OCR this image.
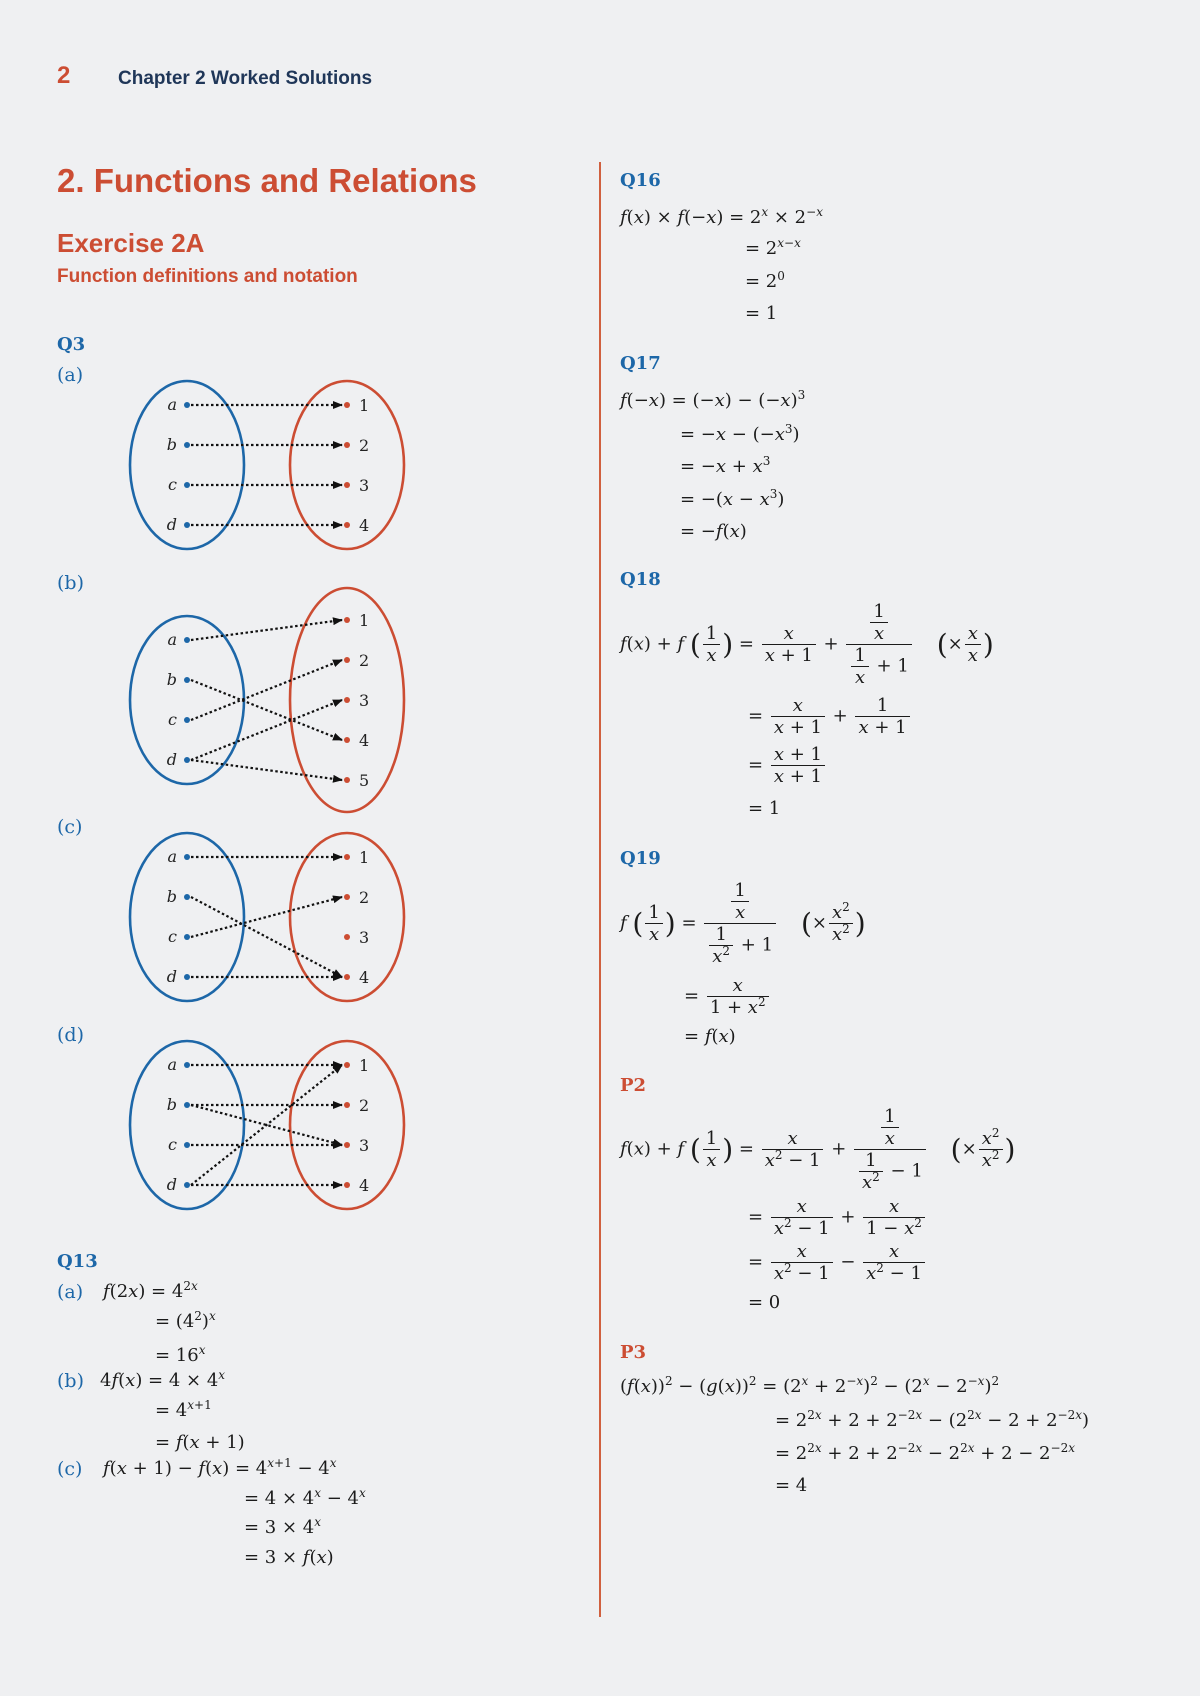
2	Chapter 2 Worked Solutions
2. Functions and Relations
Exercise 2A
Function definitions and notation
Q3
(a)
(b)
(c)
(d)
a
b
c
d
1
2
3
4
a
b
c
d
1
2
3
4
5
a
b
c
d
1
2
3
4
a
b
c
d
1
2
3
4
Q13
(a) $f(2x) = 4^{2x}$
= $(4^2)^x$
= $16^x$
(b) $4f(x) = 4 \times 4^x$
= $4^{x+1}$
= f(x + 1)
(c) $f(x + 1) - f(x) = 4^{x+1} - 4^x$
= $4 \times 4^x - 4^x$
= $3 \times 4^x$
= 3 × f(x)
Q16
$f(x) \times f(-x) = 2^x \times 2^{-x}$
= $2^{x-x}$
= $2^0$
= 1
Q17
$f(-x) = (-x) - (-x)^3$
= $-x - (-x^3)$
= $-x + x^3$
= $-(x - x^3)$
= −f(x)
Q18
f(x) + f ( $\frac{1}{x}$ ) = $\frac{x}{x + 1} + \frac{\frac{1}{x}}{\frac{1}{x} + 1}$ (× $\frac{x}{x}$ )
= $\frac{x}{x + 1} + \frac{1}{x + 1}$
= $\frac{x + 1}{x + 1}$
= 1
Q19
f ( $\frac{1}{x}$ ) = $\frac{\frac{1}{x}}{\frac{1}{x^2} + 1}$ (× $\frac{x^2}{x^2}$ )
= $\frac{x}{1 + x^2}$
= f(x)
P2
f(x) + f ( $\frac{1}{x}$ ) = $\frac{x}{x^2 - 1} + \frac{\frac{1}{x}}{\frac{1}{x^2} - 1}$ (× $\frac{x^2}{x^2}$ )
= $\frac{x}{x^2 - 1} + \frac{x}{1 - x^2}$
= $\frac{x}{x^2 - 1} - \frac{x}{x^2 - 1}$
= 0
P3
$(f(x))^2 - (g(x))^2 = (2^x + 2^{-x})^2 - (2^x - 2^{-x})^2$
= $2^{2x} + 2 + 2^{-2x} - (2^{2x} - 2 + 2^{-2x})$
= $2^{2x} + 2 + 2^{-2x} - 2^{2x} + 2 - 2^{-2x}$
= 4
